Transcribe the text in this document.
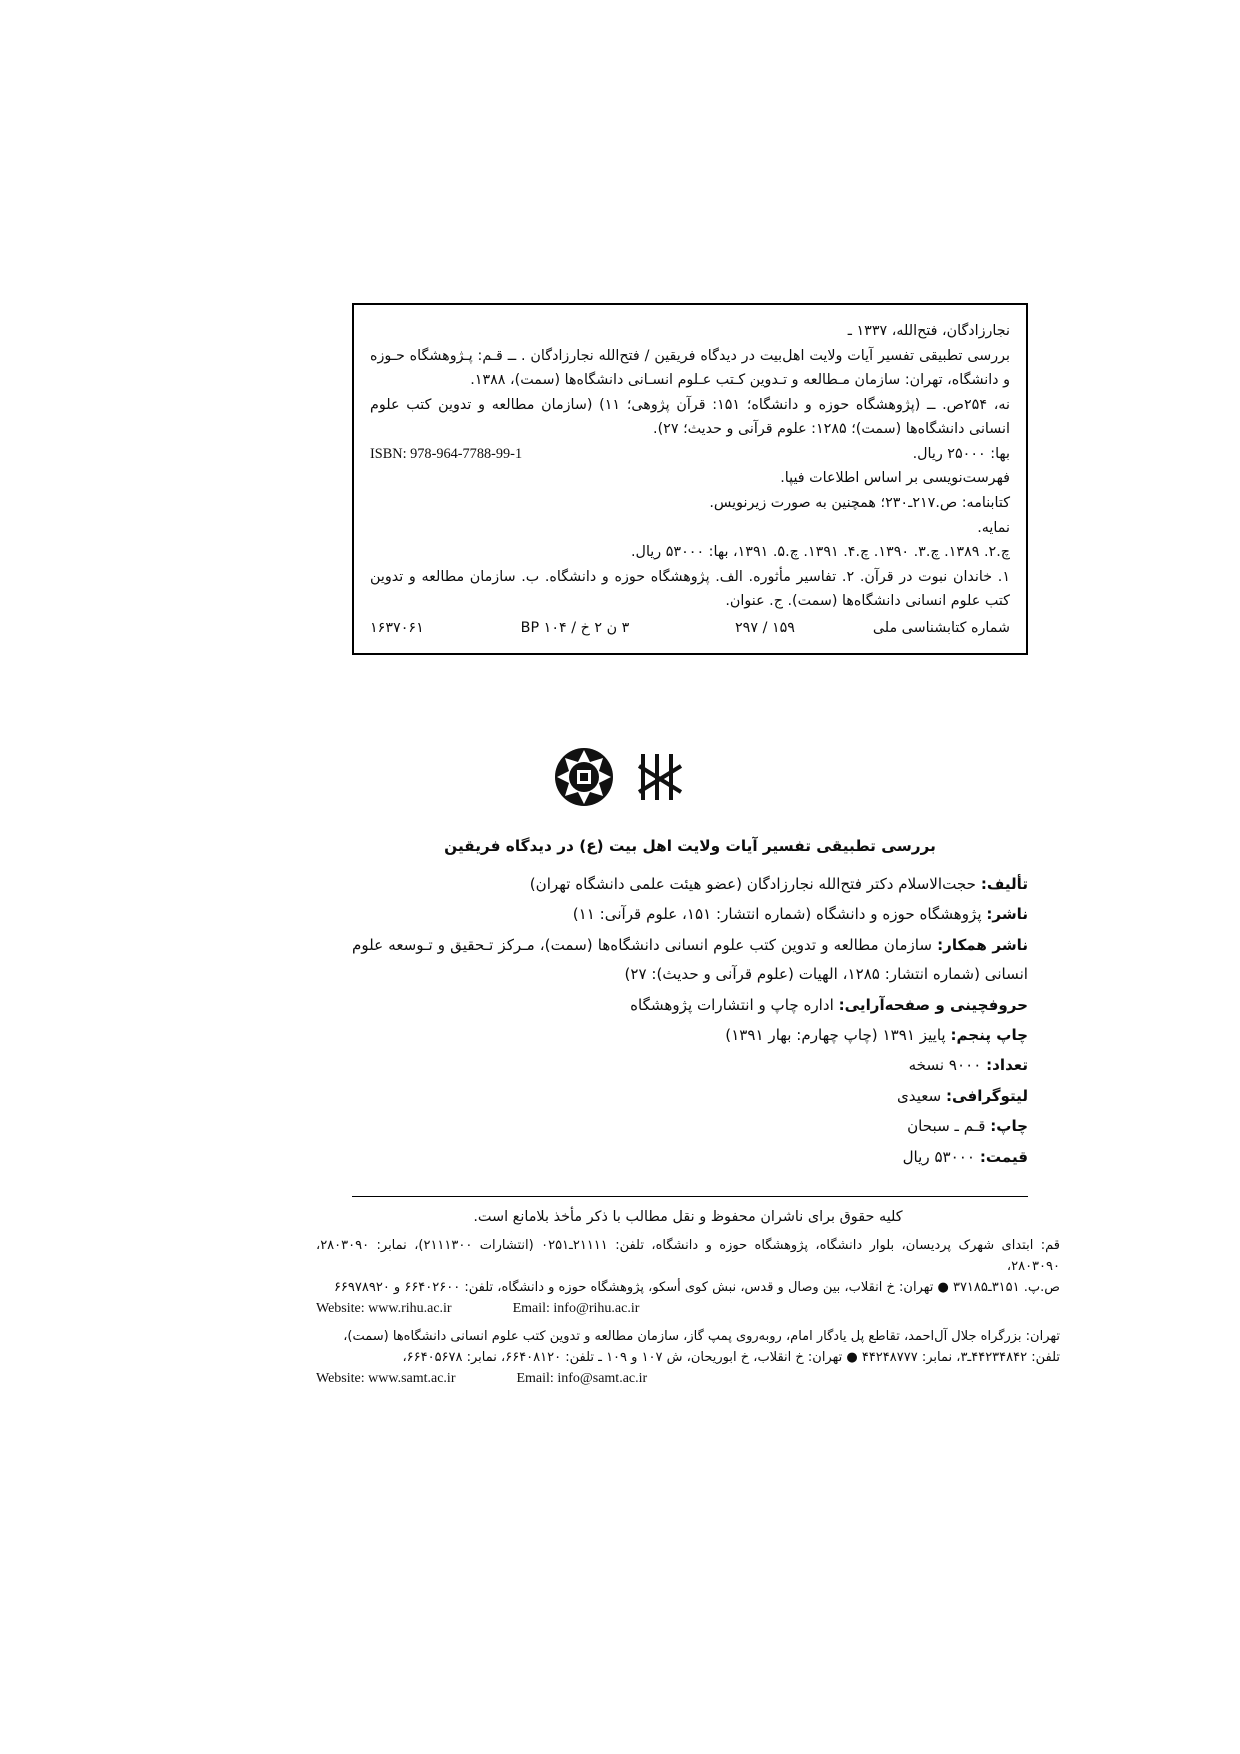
نجارزادگان، فتح‌الله، ۱۳۳۷ ـ
بررسی تطبیقی تفسیر آیات ولایت اهل‌بیت در دیدگاه فریقین / فتح‌الله نجارزادگان . ــ قـم: پـژوهشگاه حـوزه و دانشگاه، تهران: سازمان مـطالعه و تـدوین کـتب عـلوم انسـانی دانشگاه‌ها (سمت)، ۱۳۸۸.
نه، ۲۵۴ص. ــ (پژوهشگاه حوزه و دانشگاه؛ ۱۵۱: قرآن پژوهی؛ ۱۱) (سازمان مطالعه و تدوین کتب علوم انسانی دانشگاه‌ها (سمت)؛ ۱۲۸۵: علوم قرآنی و حدیث؛ ۲۷).
بها: ۲۵۰۰۰ ریال.
ISBN: 978-964-7788-99-1
فهرست‌نویسی بر اساس اطلاعات فیپا.
کتابنامه: ص.۲۱۷ـ۲۳۰؛ همچنین به صورت زیرنویس.
نمایه.
چ.۲. ۱۳۸۹. چ.۳. ۱۳۹۰. چ.۴. ۱۳۹۱. چ.۵. ۱۳۹۱، بها: ۵۳۰۰۰ ریال.
۱. خاندان نبوت در قرآن. ۲. تفاسیر مأثوره. الف. پژوهشگاه حوزه و دانشگاه. ب. سازمان مطالعه و تدوین کتب علوم انسانی دانشگاه‌ها (سمت). ج. عنوان.
شماره کتابشناسی ملی
۱۵۹ / ۲۹۷
۳ ن ۲ خ / ۱۰۴ BP
۱۶۳۷۰۶۱
بررسی تطبیقی تفسیر آیات ولایت اهل بیت (ع) در دیدگاه فریقین
تألیف: حجت‌الاسلام دکتر فتح‌الله نجارزادگان (عضو هیئت علمی دانشگاه تهران)
ناشر: پژوهشگاه حوزه و دانشگاه (شماره انتشار: ۱۵۱، علوم قرآنی: ۱۱)
ناشر همکار: سازمان مطالعه و تدوین کتب علوم انسانی دانشگاه‌ها (سمت)، مـرکز تـحقیق و تـوسعه علوم انسانی (شماره انتشار: ۱۲۸۵، الهیات (علوم قرآنی و حدیث): ۲۷)
حروفچینی و صفحه‌آرایی: اداره چاپ و انتشارات پژوهشگاه
چاپ پنجم: پاییز ۱۳۹۱ (چاپ چهارم: بهار ۱۳۹۱)
تعداد: ۹۰۰۰ نسخه
لیتوگرافی: سعیدی
چاپ: قـم ـ سبحان
قیمت: ۵۳۰۰۰ ریال
کلیه حقوق برای ناشران محفوظ و نقل مطالب با ذکر مأخذ بلامانع است.
قم: ابتدای شهرک پردیسان، بلوار دانشگاه، پژوهشگاه حوزه و دانشگاه، تلفن: ۲۱۱۱۱ـ۰۲۵۱ (انتشارات ۲۱۱۱۳۰۰)، نمابر: ۲۸۰۳۰۹۰، ۲۸۰۳۰۹۰،
ص.پ. ۳۱۵۱ـ۳۷۱۸۵ ● تهران: خ انقلاب، بین وصال و قدس، نبش کوی أسکو، پژوهشگاه حوزه و دانشگاه، تلفن: ۶۶۴۰۲۶۰۰ و ۶۶۹۷۸۹۲۰
Website: www.rihu.ac.ir	Email: info@rihu.ac.ir
تهران: بزرگراه جلال آل‌احمد، تقاطع پل یادگار امام، روبه‌روی پمپ گاز، سازمان مطالعه و تدوین کتب علوم انسانی دانشگاه‌ها (سمت)،
تلفن: ۴۴۲۳۴۸۴۲ـ۳، نمابر: ۴۴۲۴۸۷۷۷ ● تهران: خ انقلاب، خ ابوریحان، ش ۱۰۷ و ۱۰۹ ـ تلفن: ۶۶۴۰۸۱۲۰، نمابر: ۶۶۴۰۵۶۷۸،
Website: www.samt.ac.ir	Email: info@samt.ac.ir
